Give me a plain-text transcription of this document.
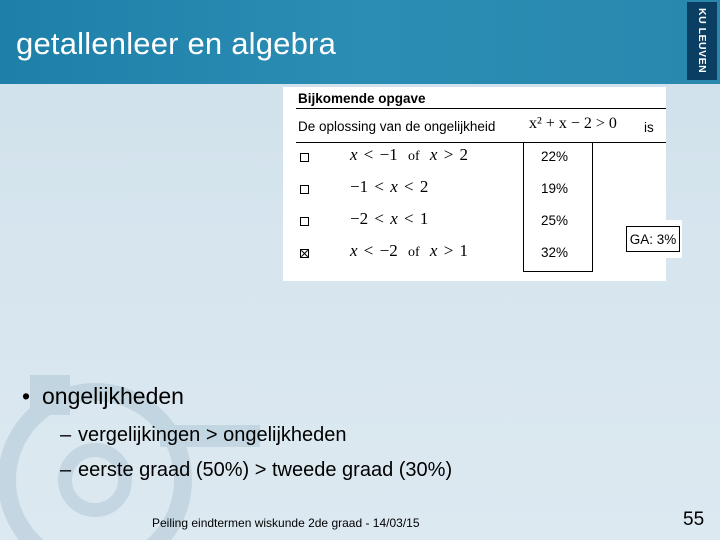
getallenleer en algebra	KU LEUVEN
Bijkomende opgave
De oplossing van de ongelijkheid x² + x − 2 > 0 is
x < −1 of x > 2	22%
−1 < x < 2	19%
−2 < x < 1	25%
x < −2 of x > 1	32%
GA: 3%
• ongelijkheden
– vergelijkingen > ongelijkheden
– eerste graad (50%) > tweede graad (30%)
Peiling eindtermen wiskunde 2de graad - 14/03/15	55
